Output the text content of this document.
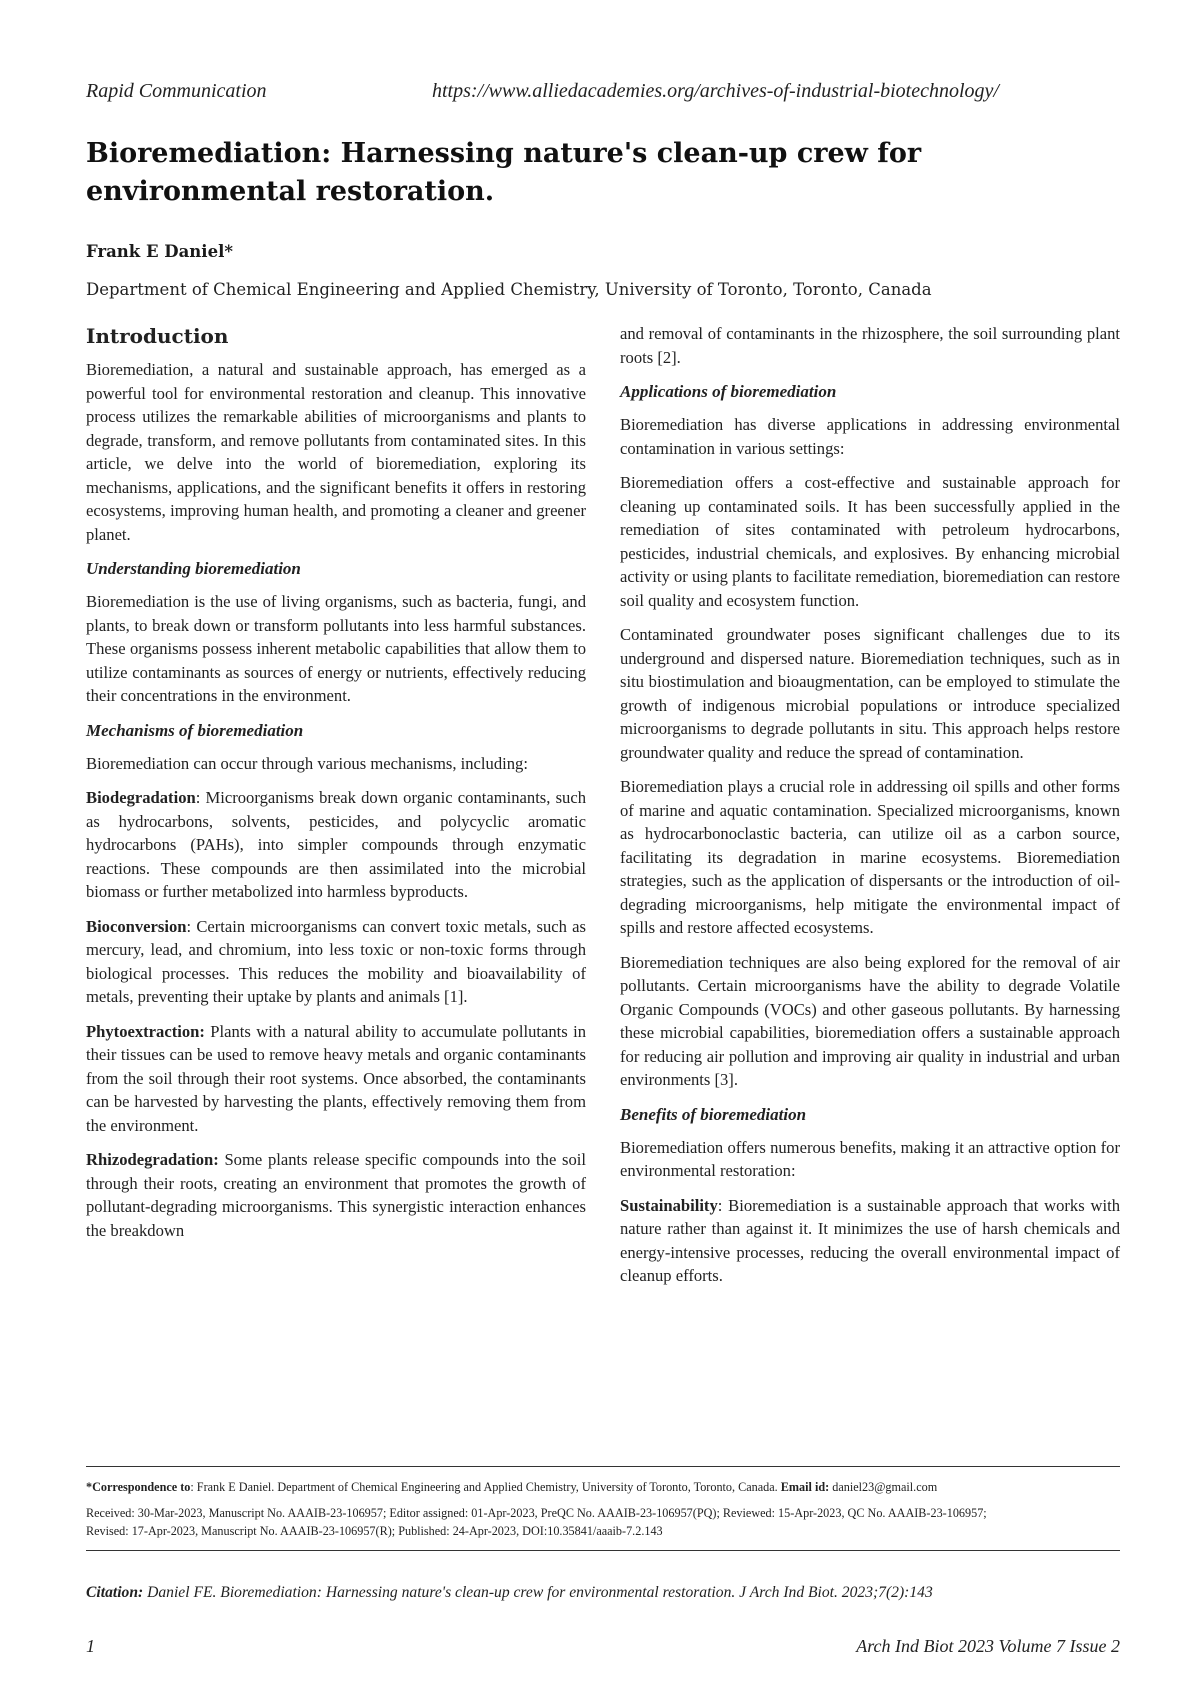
Rapid Communication	https://www.alliedacademies.org/archives-of-industrial-biotechnology/
Bioremediation: Harnessing nature's clean-up crew for environmental restoration.

Frank E Daniel*

Department of Chemical Engineering and Applied Chemistry, University of Toronto, Toronto, Canada

Introduction

Bioremediation, a natural and sustainable approach, has emerged as a powerful tool for environmental restoration and cleanup. This innovative process utilizes the remarkable abilities of microorganisms and plants to degrade, transform, and remove pollutants from contaminated sites. In this article, we delve into the world of bioremediation, exploring its mechanisms, applications, and the significant benefits it offers in restoring ecosystems, improving human health, and promoting a cleaner and greener planet.

Understanding bioremediation

Bioremediation is the use of living organisms, such as bacteria, fungi, and plants, to break down or transform pollutants into less harmful substances. These organisms possess inherent metabolic capabilities that allow them to utilize contaminants as sources of energy or nutrients, effectively reducing their concentrations in the environment.

Mechanisms of bioremediation

Bioremediation can occur through various mechanisms, including:

Biodegradation: Microorganisms break down organic contaminants, such as hydrocarbons, solvents, pesticides, and polycyclic aromatic hydrocarbons (PAHs), into simpler compounds through enzymatic reactions. These compounds are then assimilated into the microbial biomass or further metabolized into harmless byproducts.

Bioconversion: Certain microorganisms can convert toxic metals, such as mercury, lead, and chromium, into less toxic or non-toxic forms through biological processes. This reduces the mobility and bioavailability of metals, preventing their uptake by plants and animals [1].

Phytoextraction: Plants with a natural ability to accumulate pollutants in their tissues can be used to remove heavy metals and organic contaminants from the soil through their root systems. Once absorbed, the contaminants can be harvested by harvesting the plants, effectively removing them from the environment.

Rhizodegradation: Some plants release specific compounds into the soil through their roots, creating an environment that promotes the growth of pollutant-degrading microorganisms. This synergistic interaction enhances the breakdown

and removal of contaminants in the rhizosphere, the soil surrounding plant roots [2].

Applications of bioremediation

Bioremediation has diverse applications in addressing environmental contamination in various settings:

Bioremediation offers a cost-effective and sustainable approach for cleaning up contaminated soils. It has been successfully applied in the remediation of sites contaminated with petroleum hydrocarbons, pesticides, industrial chemicals, and explosives. By enhancing microbial activity or using plants to facilitate remediation, bioremediation can restore soil quality and ecosystem function.

Contaminated groundwater poses significant challenges due to its underground and dispersed nature. Bioremediation techniques, such as in situ biostimulation and bioaugmentation, can be employed to stimulate the growth of indigenous microbial populations or introduce specialized microorganisms to degrade pollutants in situ. This approach helps restore groundwater quality and reduce the spread of contamination.

Bioremediation plays a crucial role in addressing oil spills and other forms of marine and aquatic contamination. Specialized microorganisms, known as hydrocarbonoclastic bacteria, can utilize oil as a carbon source, facilitating its degradation in marine ecosystems. Bioremediation strategies, such as the application of dispersants or the introduction of oil-degrading microorganisms, help mitigate the environmental impact of spills and restore affected ecosystems.

Bioremediation techniques are also being explored for the removal of air pollutants. Certain microorganisms have the ability to degrade Volatile Organic Compounds (VOCs) and other gaseous pollutants. By harnessing these microbial capabilities, bioremediation offers a sustainable approach for reducing air pollution and improving air quality in industrial and urban environments [3].

Benefits of bioremediation

Bioremediation offers numerous benefits, making it an attractive option for environmental restoration:

Sustainability: Bioremediation is a sustainable approach that works with nature rather than against it. It minimizes the use of harsh chemicals and energy-intensive processes, reducing the overall environmental impact of cleanup efforts.

*Correspondence to: Frank E Daniel. Department of Chemical Engineering and Applied Chemistry, University of Toronto, Toronto, Canada. Email id: daniel23@gmail.com
Received: 30-Mar-2023, Manuscript No. AAAIB-23-106957; Editor assigned: 01-Apr-2023, PreQC No. AAAIB-23-106957(PQ); Reviewed: 15-Apr-2023, QC No. AAAIB-23-106957;
Revised: 17-Apr-2023, Manuscript No. AAAIB-23-106957(R); Published: 24-Apr-2023, DOI:10.35841/aaaib-7.2.143
Citation: Daniel FE. Bioremediation: Harnessing nature's clean-up crew for environmental restoration. J Arch Ind Biot. 2023;7(2):143
1	Arch Ind Biot 2023 Volume 7 Issue 2
